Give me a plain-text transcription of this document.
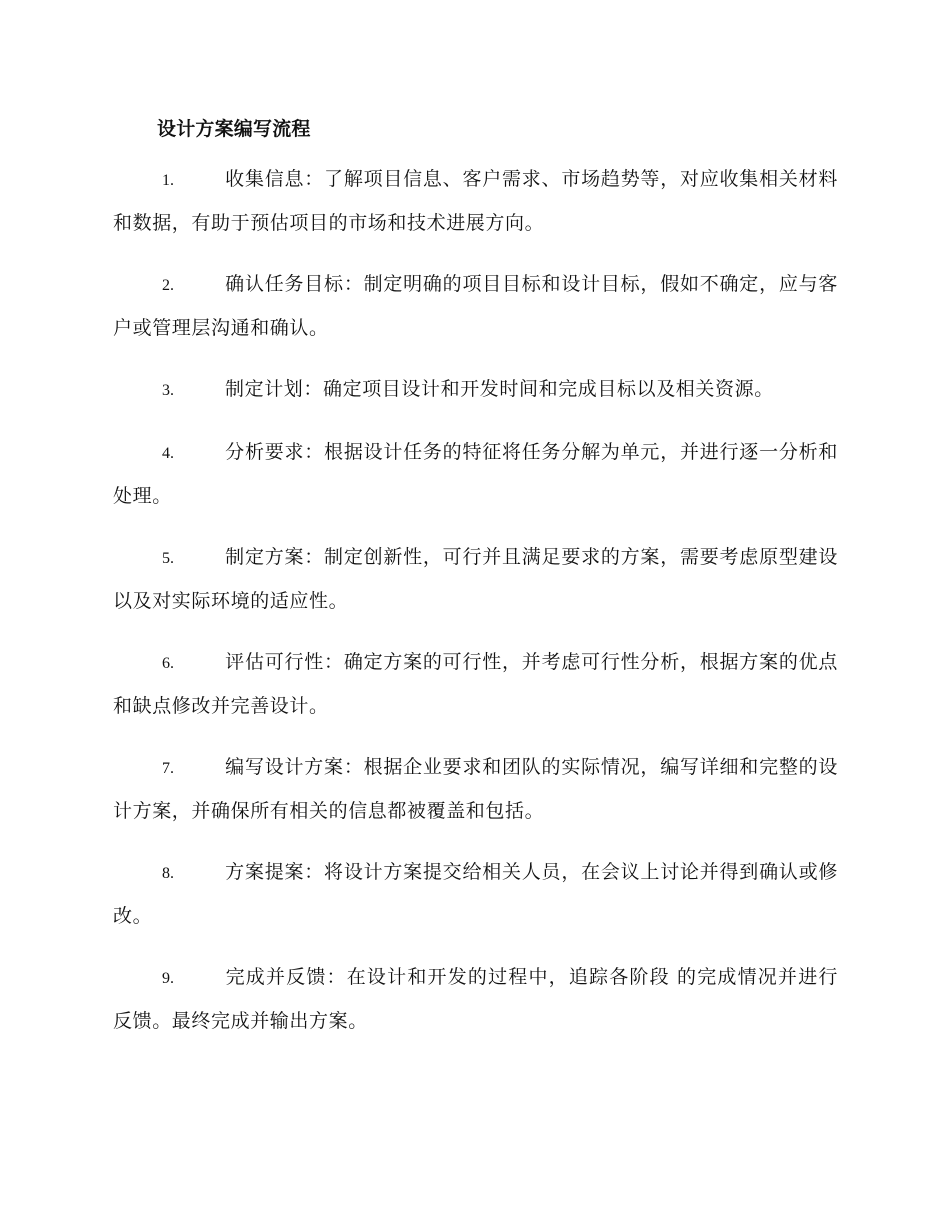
设计方案编写流程
1.	收集信息：了解项目信息、客户需求、市场趋势等，对应收集相关材料和数据，有助于预估项目的市场和技术进展方向。
2.	确认任务目标：制定明确的项目目标和设计目标，假如不确定，应与客户或管理层沟通和确认。
3.	制定计划：确定项目设计和开发时间和完成目标以及相关资源。
4.	分析要求：根据设计任务的特征将任务分解为单元，并进行逐一分析和处理。
5.	制定方案：制定创新性，可行并且满足要求的方案，需要考虑原型建设以及对实际环境的适应性。
6.	评估可行性：确定方案的可行性，并考虑可行性分析，根据方案的优点和缺点修改并完善设计。
7.	编写设计方案：根据企业要求和团队的实际情况，编写详细和完整的设计方案，并确保所有相关的信息都被覆盖和包括。
8.	方案提案：将设计方案提交给相关人员，在会议上讨论并得到确认或修改。
9.	完成并反馈：在设计和开发的过程中，追踪各阶段 的完成情况并进行反馈。最终完成并输出方案。
